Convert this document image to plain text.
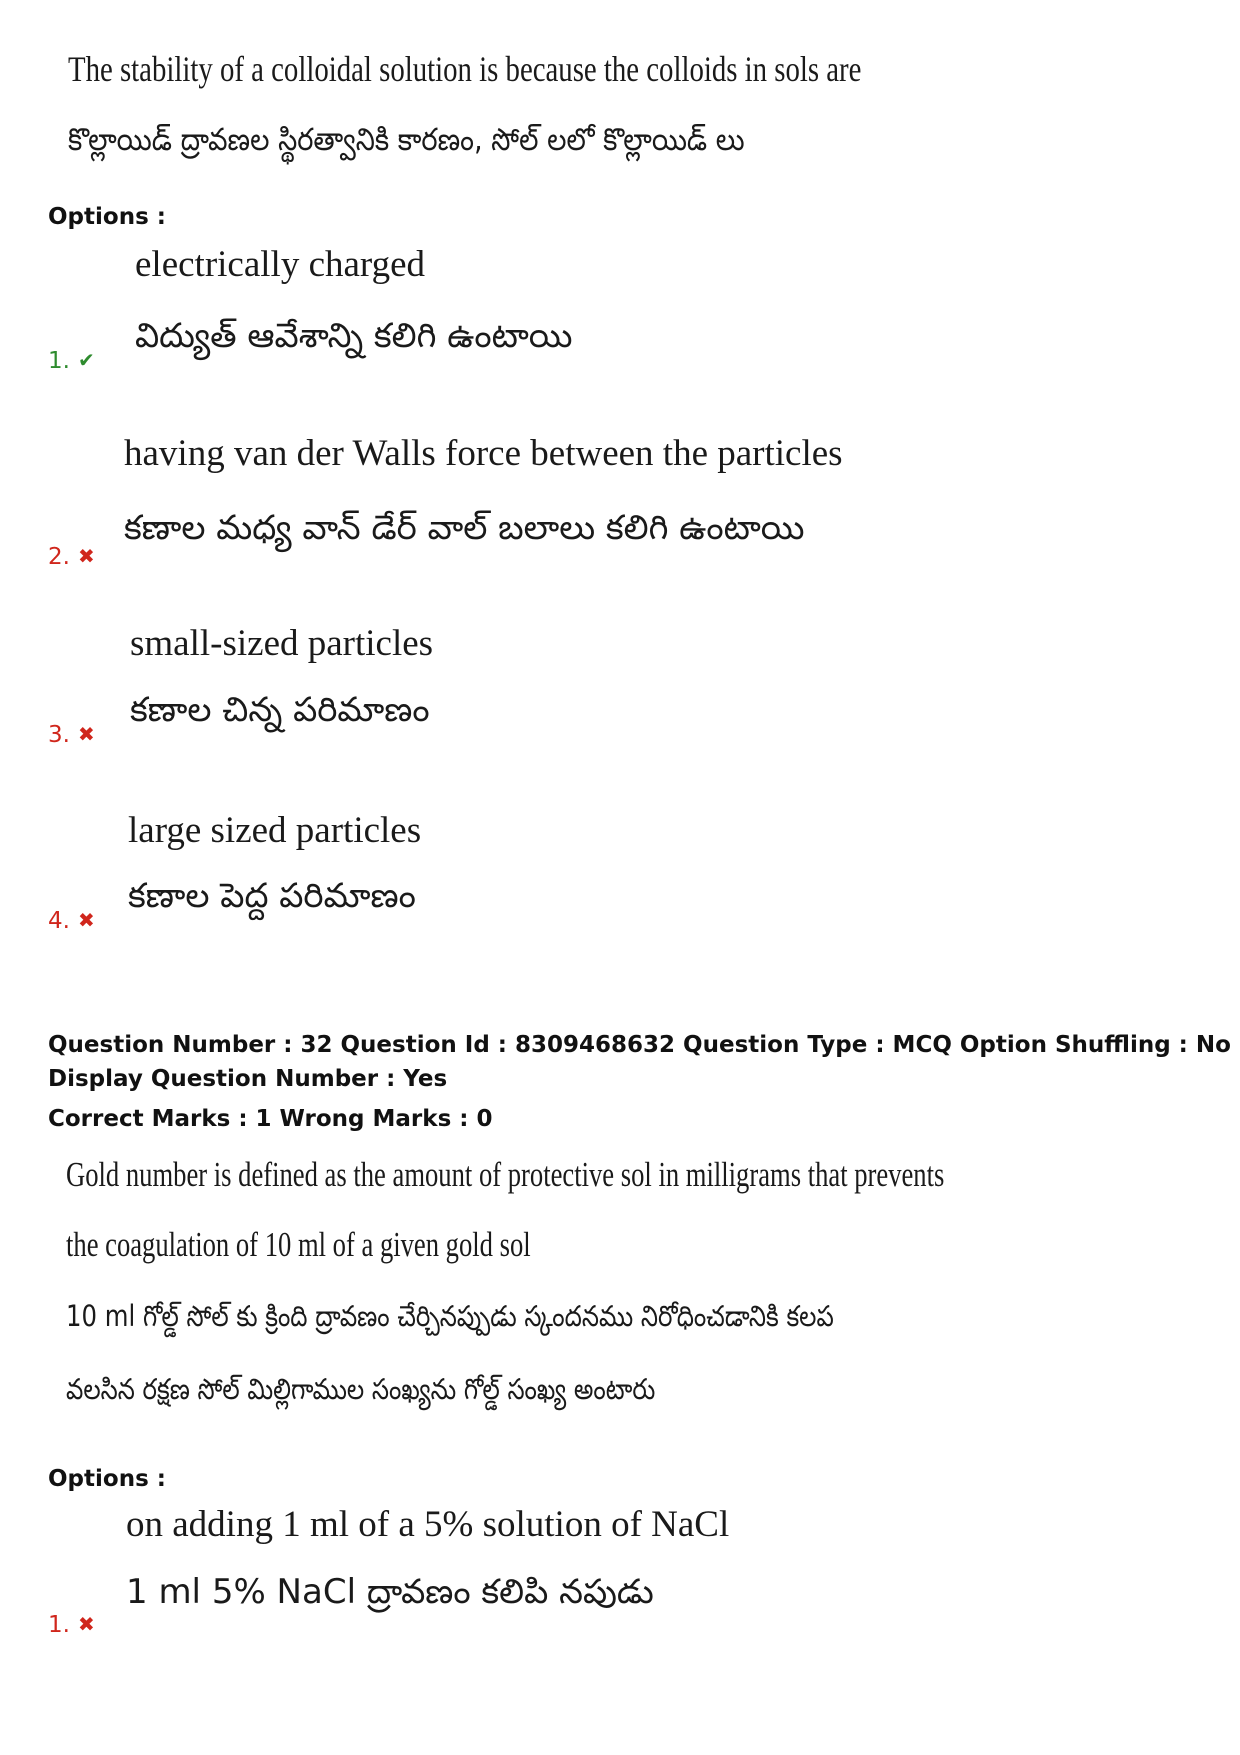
The stability of a colloidal solution is because the colloids in sols are
కొల్లాయిడ్ ద్రావణల స్థిరత్వానికి కారణం, సోల్ లలో కొల్లాయిడ్ లు
Options :
electrically charged
విద్యుత్ ఆవేశాన్ని కలిగి ఉంటాయి
1. ✔
having van der Walls force between the particles
కణాల మధ్య వాన్ డేర్ వాల్ బలాలు కలిగి ఉంటాయి
2. ✖
small-sized particles
కణాల చిన్న పరిమాణం
3. ✖
large sized particles
కణాల పెద్ద పరిమాణం
4. ✖
Question Number : 32 Question Id : 8309468632 Question Type : MCQ Option Shuffling : No
Display Question Number : Yes
Correct Marks : 1 Wrong Marks : 0
Gold number is defined as the amount of protective sol in milligrams that prevents
the coagulation of 10 ml of a given gold sol
10 ml గోల్డ్ సోల్ కు క్రింది ద్రావణం చేర్చినప్పుడు స్కందనము నిరోధించడానికి కలప
వలసిన రక్షణ సోల్ మిల్లిగాముల సంఖ్యను గోల్డ్ సంఖ్య అంటారు
Options :
on adding 1 ml of a 5% solution of NaCl
1 ml 5% NaCl ద్రావణం కలిపి నపుడు
1. ✖
